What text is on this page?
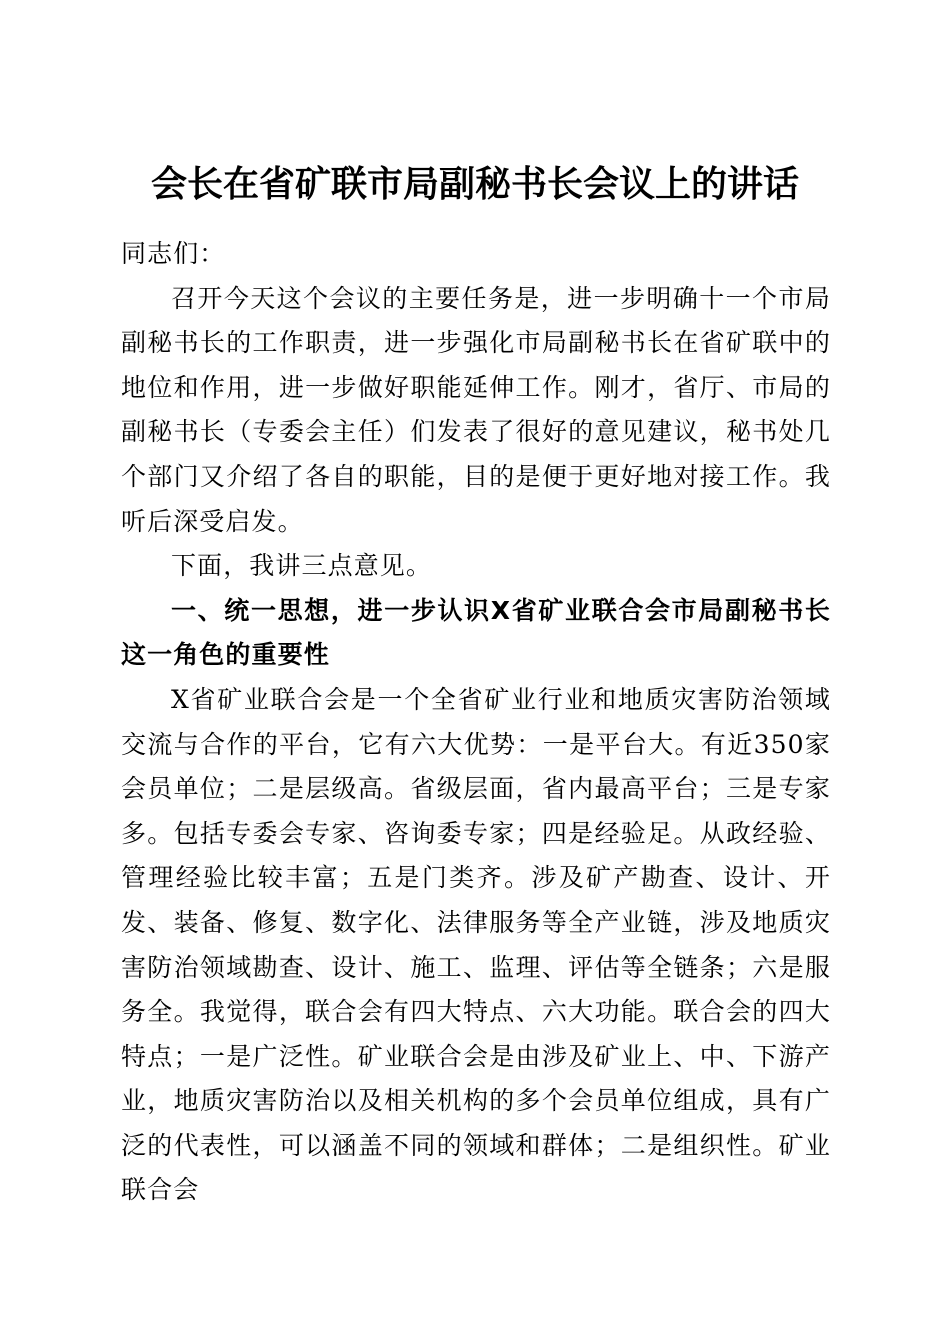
会长在省矿联市局副秘书长会议上的讲话

同志们：

召开今天这个会议的主要任务是，进一步明确十一个市局副秘书长的工作职责，进一步强化市局副秘书长在省矿联中的地位和作用，进一步做好职能延伸工作。刚才，省厅、市局的副秘书长（专委会主任）们发表了很好的意见建议，秘书处几个部门又介绍了各自的职能，目的是便于更好地对接工作。我听后深受启发。

下面，我讲三点意见。

一、统一思想，进一步认识X省矿业联合会市局副秘书长这一角色的重要性

X省矿业联合会是一个全省矿业行业和地质灾害防治领域交流与合作的平台，它有六大优势：一是平台大。有近350家会员单位；二是层级高。省级层面，省内最高平台；三是专家多。包括专委会专家、咨询委专家；四是经验足。从政经验、管理经验比较丰富；五是门类齐。涉及矿产勘查、设计、开发、装备、修复、数字化、法律服务等全产业链，涉及地质灾害防治领域勘查、设计、施工、监理、评估等全链条；六是服务全。我觉得，联合会有四大特点、六大功能。联合会的四大特点；一是广泛性。矿业联合会是由涉及矿业上、中、下游产业，地质灾害防治以及相关机构的多个会员单位组成，具有广泛的代表性，可以涵盖不同的领域和群体；二是组织性。矿业联合会
